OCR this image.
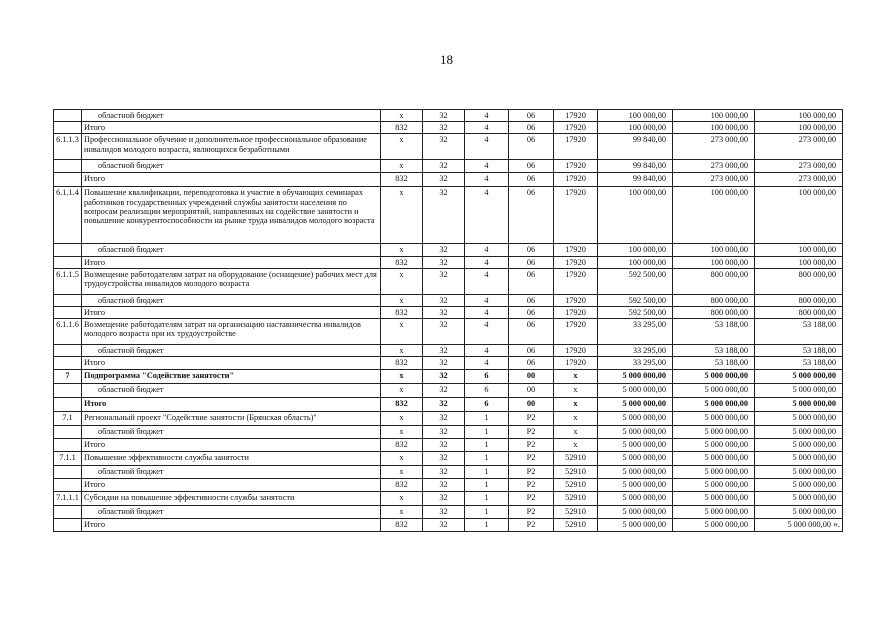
18
	областной бюджет	x	32	4	06	17920	100 000,00	100 000,00	100 000,00
	Итого	832	32	4	06	17920	100 000,00	100 000,00	100 000,00
6.1.1.3	Профессиональное обучение и дополнительное профессиональное образование инвалидов молодого возраста, являющихся безработными	x	32	4	06	17920	99 840,00	273 000,00	273 000,00
	областной бюджет	x	32	4	06	17920	99 840,00	273 000,00	273 000,00
	Итого	832	32	4	06	17920	99 840,00	273 000,00	273 000,00
6.1.1.4	Повышение квалификации, переподготовка и участие в обучающих семинарах работников государственных учреждений службы занятости населения по вопросам реализации мероприятий, направленных на содействие занятости и повышение конкурентоспособности на рынке труда инвалидов молодого возраста	x	32	4	06	17920	100 000,00	100 000,00	100 000,00
	областной бюджет	x	32	4	06	17920	100 000,00	100 000,00	100 000,00
	Итого	832	32	4	06	17920	100 000,00	100 000,00	100 000,00
6.1.1.5	Возмещение работодателям затрат на оборудование (оснащение) рабочих мест для трудоустройства инвалидов молодого возраста	x	32	4	06	17920	592 500,00	800 000,00	800 000,00
	областной бюджет	x	32	4	06	17920	592 500,00	800 000,00	800 000,00
	Итого	832	32	4	06	17920	592 500,00	800 000,00	800 000,00
6.1.1.6	Возмещение работодателям затрат на организацию наставничества инвалидов молодого возраста при их трудоустройстве	x	32	4	06	17920	33 295,00	53 188,00	53 188,00
	областной бюджет	x	32	4	06	17920	33 295,00	53 188,00	53 188,00
	Итого	832	32	4	06	17920	33 295,00	53 188,00	53 188,00
7	Подпрограмма "Содействие занятости"	x	32	6	00	x	5 000 000,00	5 000 000,00	5 000 000,00
	областной бюджет	x	32	6	00	x	5 000 000,00	5 000 000,00	5 000 000,00
	Итого	832	32	6	00	x	5 000 000,00	5 000 000,00	5 000 000,00
7.1	Региональный проект "Содействие занятости (Брянская область)"	x	32	1	P2	x	5 000 000,00	5 000 000,00	5 000 000,00
	областной бюджет	x	32	1	P2	x	5 000 000,00	5 000 000,00	5 000 000,00
	Итого	832	32	1	P2	x	5 000 000,00	5 000 000,00	5 000 000,00
7.1.1	Повышение эффективности службы занятости	x	32	1	P2	52910	5 000 000,00	5 000 000,00	5 000 000,00
	областной бюджет	x	32	1	P2	52910	5 000 000,00	5 000 000,00	5 000 000,00
	Итого	832	32	1	P2	52910	5 000 000,00	5 000 000,00	5 000 000,00
7.1.1.1	Субсидии на повышение эффективности службы занятости	x	32	1	P2	52910	5 000 000,00	5 000 000,00	5 000 000,00
	областной бюджет	x	32	1	P2	52910	5 000 000,00	5 000 000,00	5 000 000,00
	Итого	832	32	1	P2	52910	5 000 000,00	5 000 000,00	5 000 000,00 ».
